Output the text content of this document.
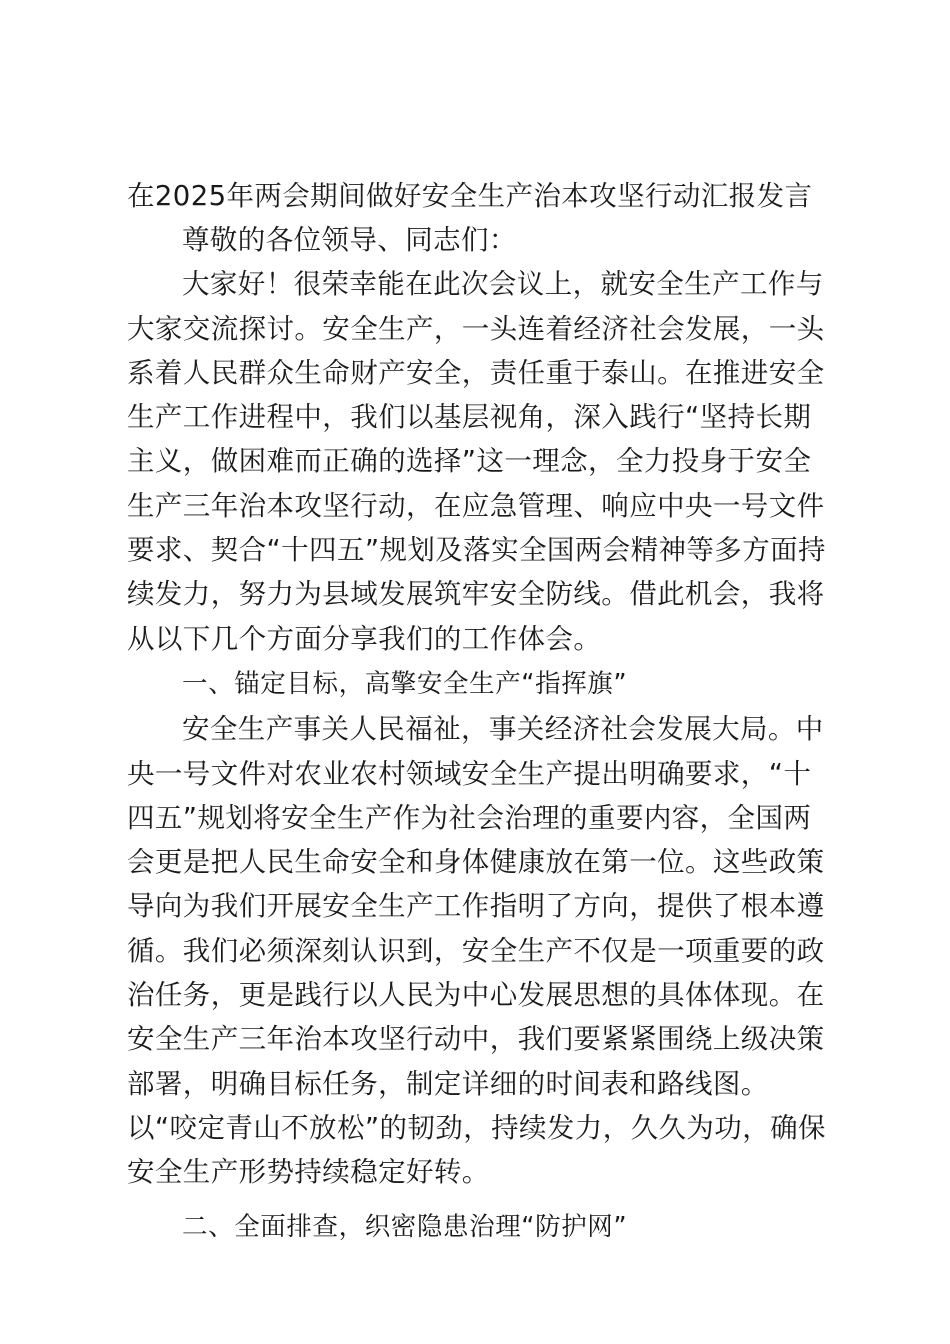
在2025年两会期间做好安全生产治本攻坚行动汇报发言

尊敬的各位领导、同志们：

大家好！很荣幸能在此次会议上，就安全生产工作与大家交流探讨。安全生产，一头连着经济社会发展，一头系着人民群众生命财产安全，责任重于泰山。在推进安全生产工作进程中，我们以基层视角，深入践行“坚持长期主义，做困难而正确的选择”这一理念，全力投身于安全生产三年治本攻坚行动，在应急管理、响应中央一号文件要求、契合“十四五”规划及落实全国两会精神等多方面持续发力，努力为县域发展筑牢安全防线。借此机会，我将从以下几个方面分享我们的工作体会。

一、锚定目标，高擎安全生产“指挥旗”

安全生产事关人民福祉，事关经济社会发展大局。中央一号文件对农业农村领域安全生产提出明确要求，“十四五”规划将安全生产作为社会治理的重要内容，全国两会更是把人民生命安全和身体健康放在第一位。这些政策导向为我们开展安全生产工作指明了方向，提供了根本遵循。我们必须深刻认识到，安全生产不仅是一项重要的政治任务，更是践行以人民为中心发展思想的具体体现。在安全生产三年治本攻坚行动中，我们要紧紧围绕上级决策部署，明确目标任务，制定详细的时间表和路线图。以“咬定青山不放松”的韧劲，持续发力，久久为功，确保安全生产形势持续稳定好转。

二、全面排查，织密隐患治理“防护网”
